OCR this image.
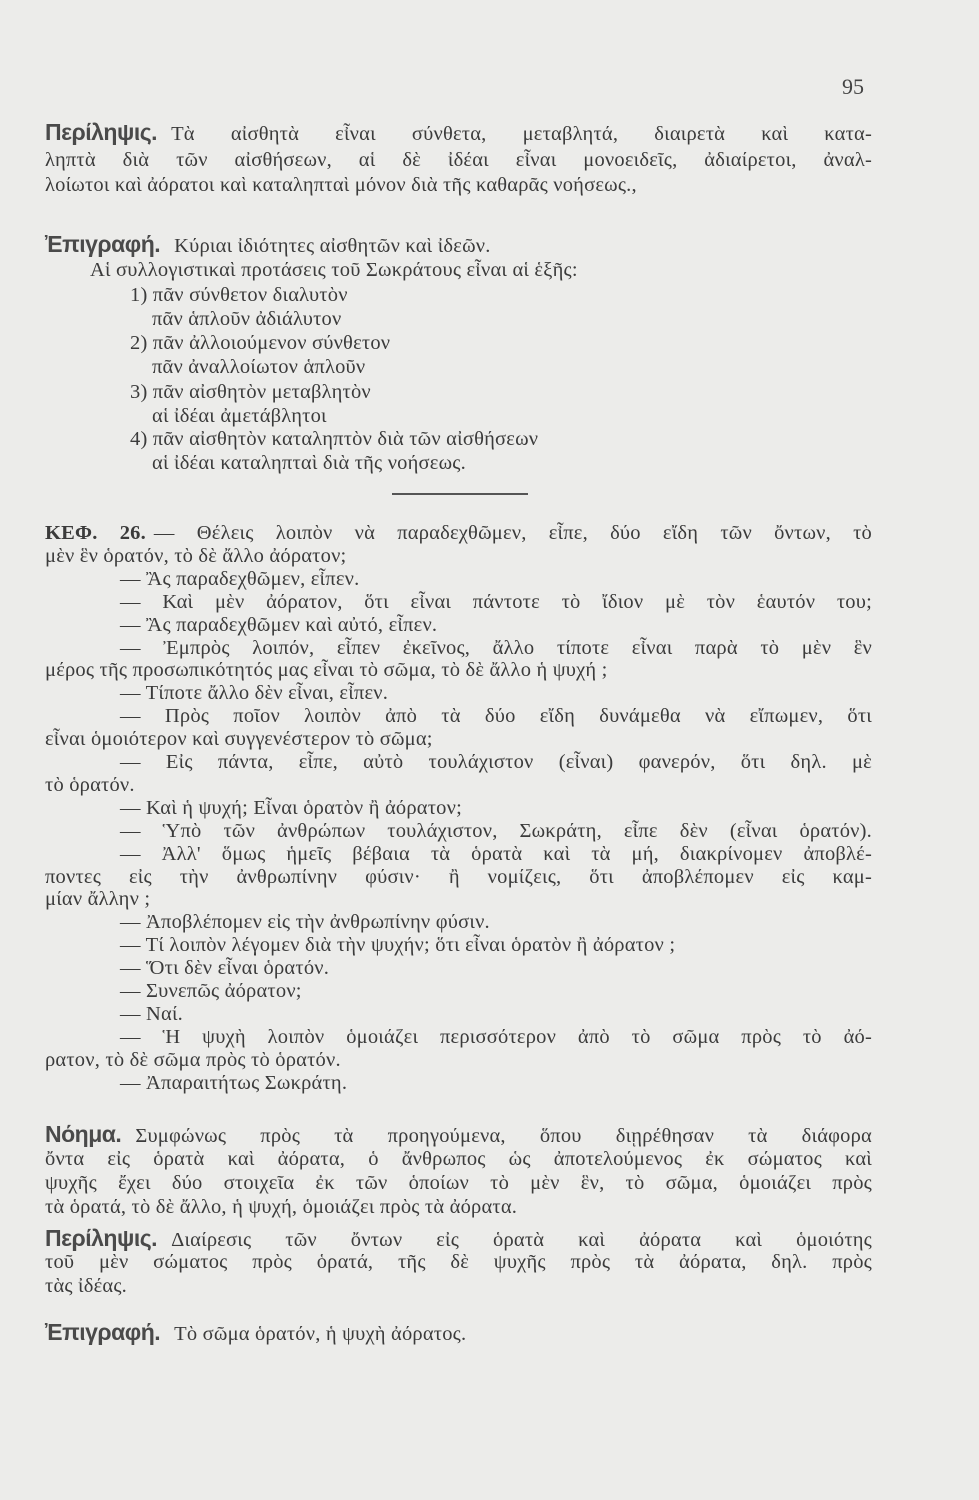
95
Περίληψις. Τὰ αἰσθητὰ εἶναι σύνθετα, μεταβλητά, διαιρετὰ καὶ κατα-
ληπτὰ διὰ τῶν αἰσθήσεων, αἱ δὲ ἰδέαι εἶναι μονοειδεῖς, ἀδιαίρετοι, ἀναλ-
λοίωτοι καὶ ἀόρατοι καὶ καταληπταὶ μόνον διὰ τῆς καθαρᾶς νοήσεως.,
Ἐπιγραφή. Κύριαι ἰδιότητες αἰσθητῶν καὶ ἰδεῶν.
Αἱ συλλογιστικαὶ προτάσεις τοῦ Σωκράτους εἶναι αἱ ἑξῆς:
1) πᾶν σύνθετον διαλυτὸν
πᾶν ἁπλοῦν ἀδιάλυτον
2) πᾶν ἀλλοιούμενον σύνθετον
πᾶν ἀναλλοίωτον ἁπλοῦν
3) πᾶν αἰσθητὸν μεταβλητὸν
αἱ ἰδέαι ἀμετάβλητοι
4) πᾶν αἰσθητὸν καταληπτὸν διὰ τῶν αἰσθήσεων
αἱ ἰδέαι καταληπταὶ διὰ τῆς νοήσεως.
ΚΕΦ. 26. — Θέλεις λοιπὸν νὰ παραδεχθῶμεν, εἶπε, δύο εἴδη τῶν ὄντων, τὸ
μὲν ἓν ὁρατόν, τὸ δὲ ἄλλο ἀόρατον;
— Ἂς παραδεχθῶμεν, εἶπεν.
— Καὶ μὲν ἀόρατον, ὅτι εἶναι πάντοτε τὸ ἴδιον μὲ τὸν ἑαυτόν του;
— Ἂς παραδεχθῶμεν καὶ αὐτό, εἶπεν.
— Ἐμπρὸς λοιπόν, εἶπεν ἐκεῖνος, ἄλλο τίποτε εἶναι παρὰ τὸ μὲν ἓν
μέρος τῆς προσωπικότητός μας εἶναι τὸ σῶμα, τὸ δὲ ἄλλο ἡ ψυχή ;
— Τίποτε ἄλλο δὲν εἶναι, εἶπεν.
— Πρὸς ποῖον λοιπὸν ἀπὸ τὰ δύο εἴδη δυνάμεθα νὰ εἴπωμεν, ὅτι
εἶναι ὁμοιότερον καὶ συγγενέστερον τὸ σῶμα;
— Εἰς πάντα, εἶπε, αὐτὸ τουλάχιστον (εἶναι) φανερόν, ὅτι δηλ. μὲ
τὸ ὁρατόν.
— Καὶ ἡ ψυχή; Εἶναι ὁρατὸν ἢ ἀόρατον;
— Ὑπὸ τῶν ἀνθρώπων τουλάχιστον, Σωκράτη, εἶπε δὲν (εἶναι ὁρατόν).
— Ἀλλ' ὅμως ἡμεῖς βέβαια τὰ ὁρατὰ καὶ τὰ μή, διακρίνομεν ἀποβλέ-
ποντες εἰς τὴν ἀνθρωπίνην φύσιν· ἢ νομίζεις, ὅτι ἀποβλέπομεν εἰς καμ-
μίαν ἄλλην ;
— Ἀποβλέπομεν εἰς τὴν ἀνθρωπίνην φύσιν.
— Τί λοιπὸν λέγομεν διὰ τὴν ψυχήν; ὅτι εἶναι ὁρατὸν ἢ ἀόρατον ;
— Ὅτι δὲν εἶναι ὁρατόν.
— Συνεπῶς ἀόρατον;
— Ναί.
— Ἡ ψυχὴ λοιπὸν ὁμοιάζει περισσότερον ἀπὸ τὸ σῶμα πρὸς τὸ ἀό-
ρατον, τὸ δὲ σῶμα πρὸς τὸ ὁρατόν.
— Ἀπαραιτήτως Σωκράτη.
Νόημα. Συμφώνως πρὸς τὰ προηγούμενα, ὅπου διῃρέθησαν τὰ διάφορα
ὄντα εἰς ὁρατὰ καὶ ἀόρατα, ὁ ἄνθρωπος ὡς ἀποτελούμενος ἐκ σώματος καὶ
ψυχῆς ἔχει δύο στοιχεῖα ἐκ τῶν ὁποίων τὸ μὲν ἓν, τὸ σῶμα, ὁμοιάζει πρὸς
τὰ ὁρατά, τὸ δὲ ἄλλο, ἡ ψυχή, ὁμοιάζει πρὸς τὰ ἀόρατα.
Περίληψις. Διαίρεσις τῶν ὄντων εἰς ὁρατὰ καὶ ἀόρατα καὶ ὁμοιότης
τοῦ μὲν σώματος πρὸς ὁρατά, τῆς δὲ ψυχῆς πρὸς τὰ ἀόρατα, δηλ. πρὸς
τὰς ἰδέας.
Ἐπιγραφή. Τὸ σῶμα ὁρατόν, ἡ ψυχὴ ἀόρατος.
